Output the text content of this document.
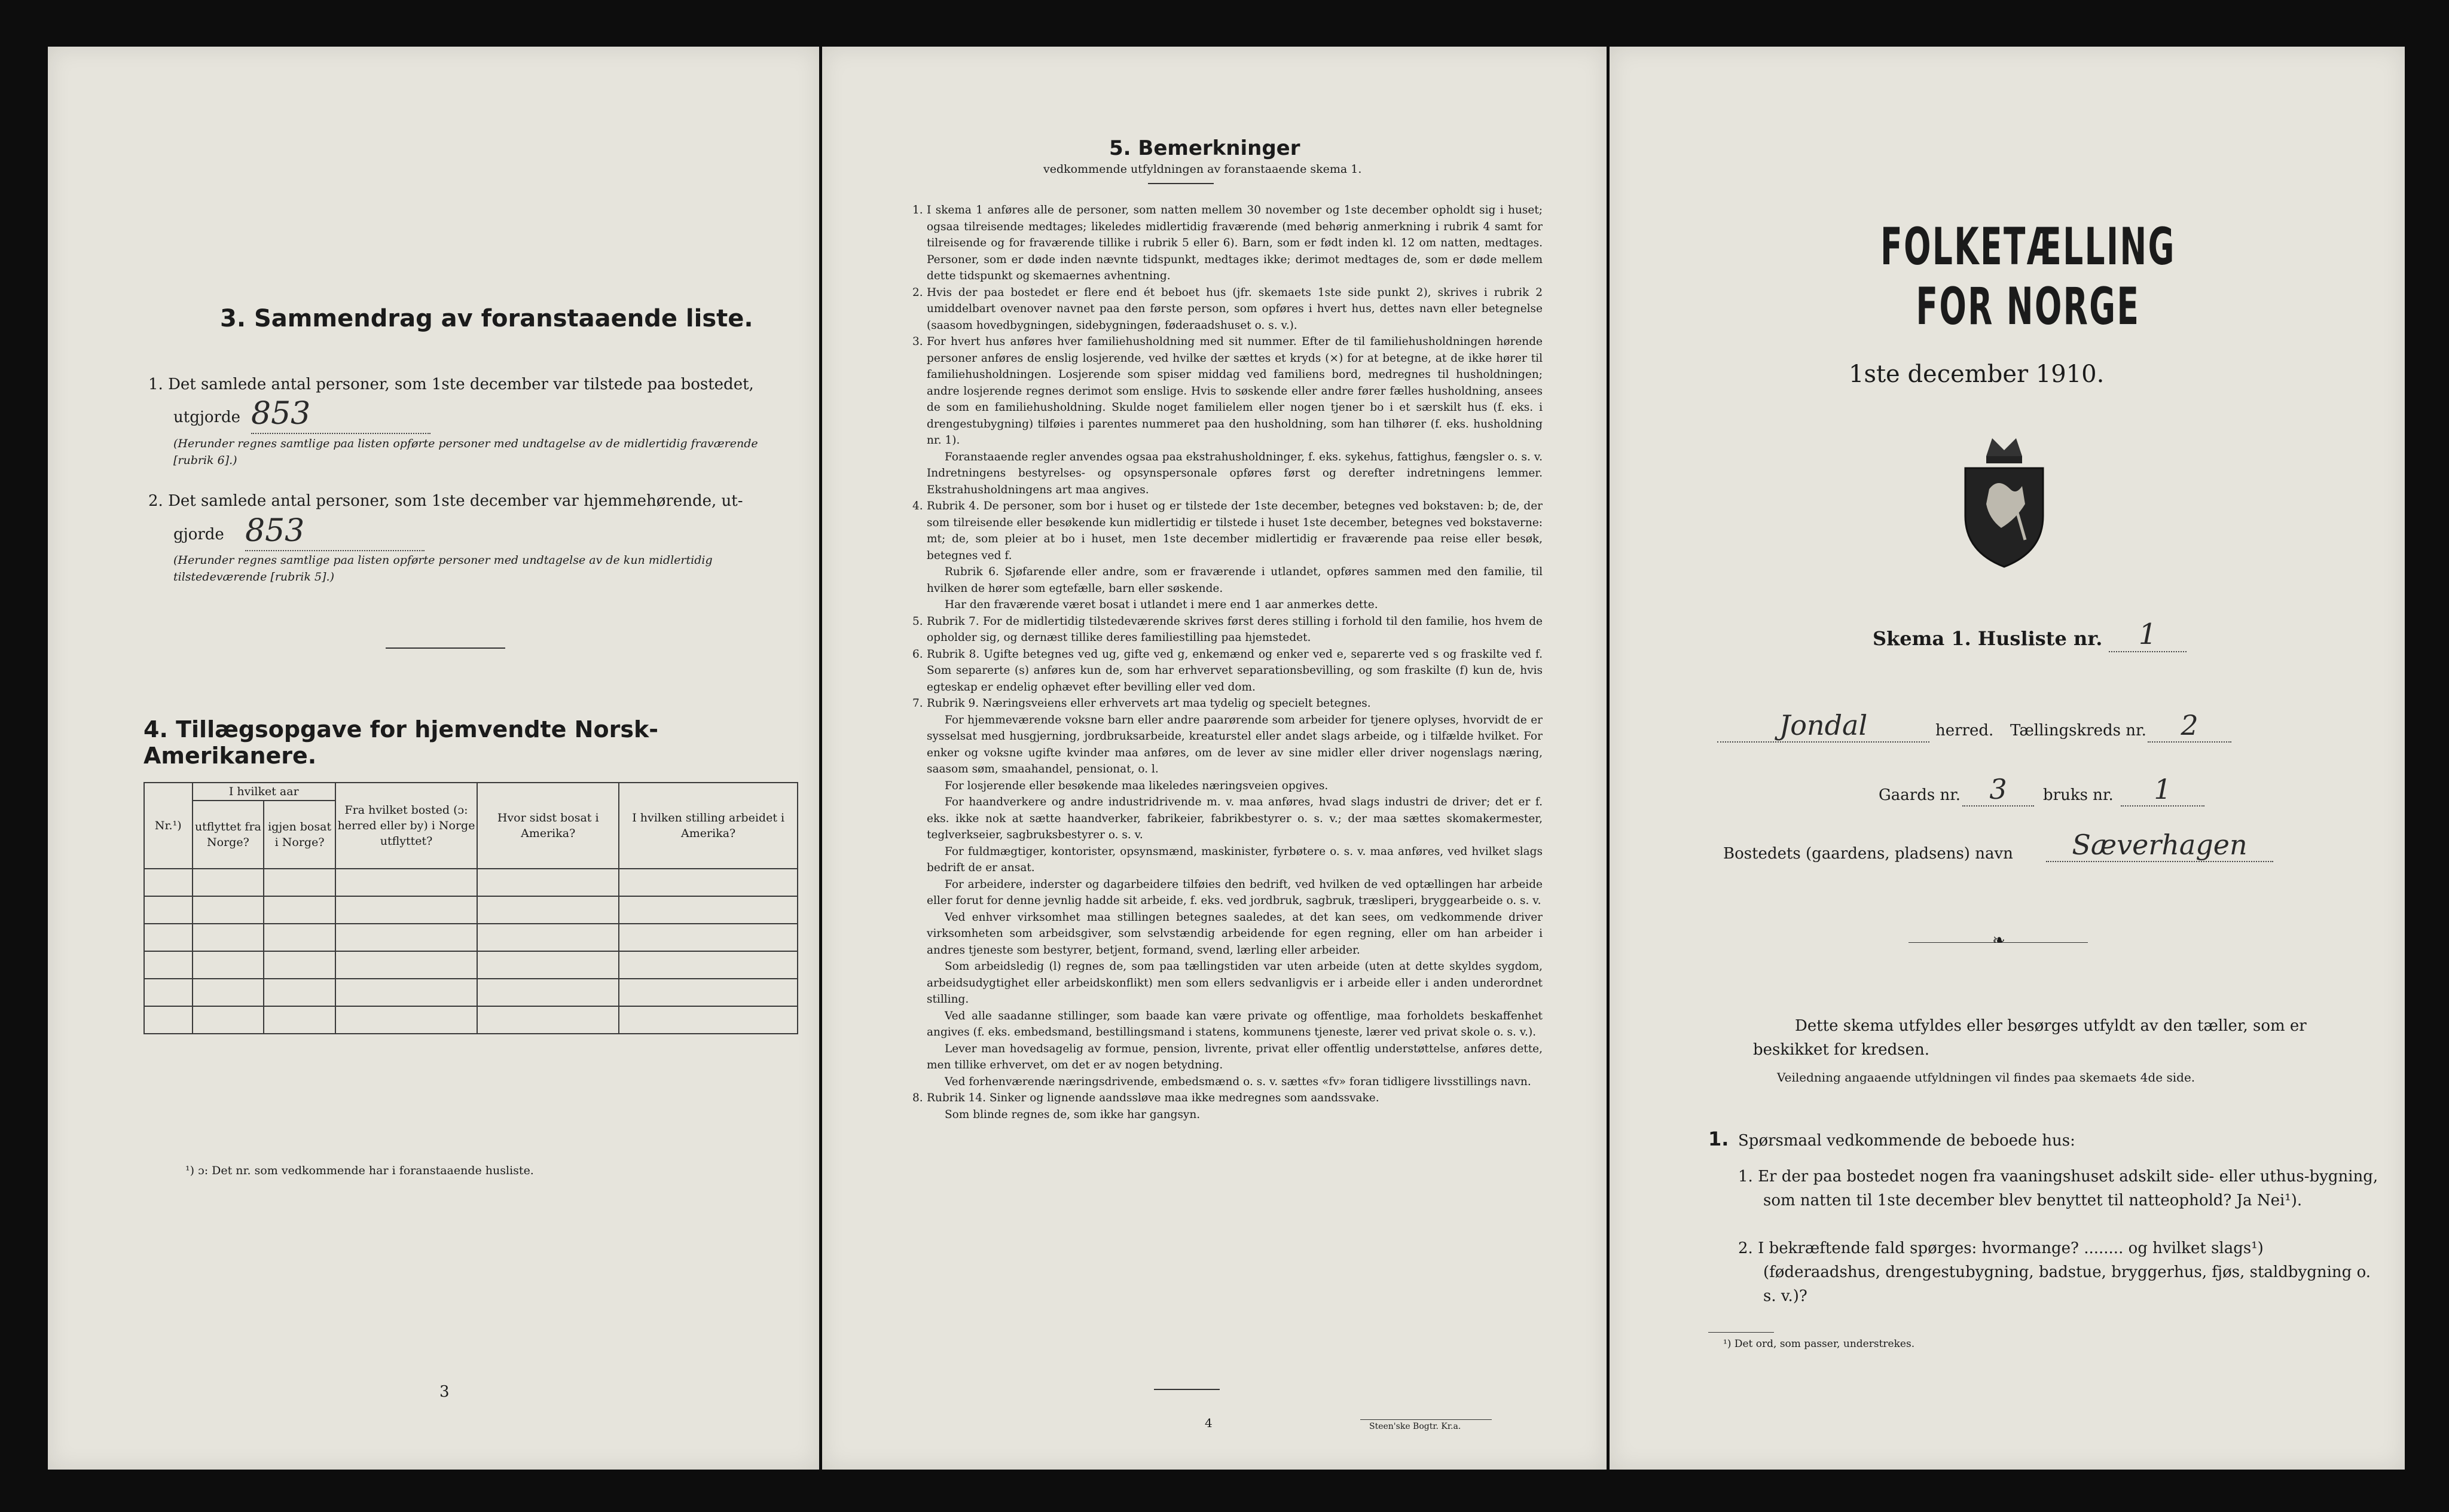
3. Sammendrag av foranstaaende liste.
1. Det samlede antal personer, som 1ste december var tilstede paa bostedet,
utgjorde 853
(Herunder regnes samtlige paa listen opførte personer med undtagelse av de midlertidig fraværende [rubrik 6].)
2. Det samlede antal personer, som 1ste december var hjemmehørende, ut-
gjorde 853
(Herunder regnes samtlige paa listen opførte personer med undtagelse av de kun midlertidig tilstedeværende [rubrik 5].)
4. Tillægsopgave for hjemvendte Norsk-Amerikanere.
Nr.¹)	I hvilket aar		Fra hvilket bosted (ɔ: herred eller by) i Norge utflyttet?	Hvor sidst bosat i Amerika?	I hvilken stilling arbeidet i Amerika?
	utflyttet fra Norge?	igjen bosat i Norge?			

¹) ɔ: Det nr. som vedkommende har i foranstaaende husliste.
3
5. Bemerkninger
vedkommende utfyldningen av foranstaaende skema 1.
1. I skema 1 anføres alle de personer, som natten mellem 30 november og 1ste december opholdt sig i huset; ogsaa tilreisende medtages; likeledes midlertidig fraværende (med behørig anmerkning i rubrik 4 samt for tilreisende og for fraværende tillike i rubrik 5 eller 6). Barn, som er født inden kl. 12 om natten, medtages. Personer, som er døde inden nævnte tidspunkt, medtages ikke; derimot medtages de, som er døde mellem dette tidspunkt og skemaernes avhentning.
2. Hvis der paa bostedet er flere end ét beboet hus (jfr. skemaets 1ste side punkt 2), skrives i rubrik 2 umiddelbart ovenover navnet paa den første person, som opføres i hvert hus, dettes navn eller betegnelse (saasom hovedbygningen, sidebygningen, føderaadshuset o. s. v.).
3. For hvert hus anføres hver familiehusholdning med sit nummer. Efter de til familiehusholdningen hørende personer anføres de enslig losjerende, ved hvilke der sættes et kryds (×) for at betegne, at de ikke hører til familiehusholdningen. Losjerende som spiser middag ved familiens bord, medregnes til husholdningen; andre losjerende regnes derimot som enslige. Hvis to søskende eller andre fører fælles husholdning, ansees de som en familiehusholdning. Skulde noget familielem eller nogen tjener bo i et særskilt hus (f. eks. i drengestubygning) tilføies i parentes nummeret paa den husholdning, som han tilhører (f. eks. husholdning nr. 1).
Foranstaaende regler anvendes ogsaa paa ekstrahusholdninger, f. eks. sykehus, fattighus, fængsler o. s. v. Indretningens bestyrelses- og opsynspersonale opføres først og derefter indretningens lemmer. Ekstrahusholdningens art maa angives.
4. Rubrik 4. De personer, som bor i huset og er tilstede der 1ste december, betegnes ved bokstaven: b; de, der som tilreisende eller besøkende kun midlertidig er tilstede i huset 1ste december, betegnes ved bokstaverne: mt; de, som pleier at bo i huset, men 1ste december midlertidig er fraværende paa reise eller besøk, betegnes ved f.
Rubrik 6. Sjøfarende eller andre, som er fraværende i utlandet, opføres sammen med den familie, til hvilken de hører som egtefælle, barn eller søskende.
Har den fraværende været bosat i utlandet i mere end 1 aar anmerkes dette.
5. Rubrik 7. For de midlertidig tilstedeværende skrives først deres stilling i forhold til den familie, hos hvem de opholder sig, og dernæst tillike deres familiestilling paa hjemstedet.
6. Rubrik 8. Ugifte betegnes ved ug, gifte ved g, enkemænd og enker ved e, separerte ved s og fraskilte ved f. Som separerte (s) anføres kun de, som har erhvervet separationsbevilling, og som fraskilte (f) kun de, hvis egteskap er endelig ophævet efter bevilling eller ved dom.
7. Rubrik 9. Næringsveiens eller erhvervets art maa tydelig og specielt betegnes.
For hjemmeværende voksne barn eller andre paarørende som arbeider for tjenere oplyses, hvorvidt de er sysselsat med husgjerning, jordbruksarbeide, kreaturstel eller andet slags arbeide, og i tilfælde hvilket. For enker og voksne ugifte kvinder maa anføres, om de lever av sine midler eller driver nogenslags næring, saasom søm, smaahandel, pensionat, o. l.
For losjerende eller besøkende maa likeledes næringsveien opgives.
For haandverkere og andre industridrivende m. v. maa anføres, hvad slags industri de driver; det er f. eks. ikke nok at sætte haandverker, fabrikeier, fabrikbestyrer o. s. v.; der maa sættes skomakermester, teglverkseier, sagbruksbestyrer o. s. v.
For fuldmægtiger, kontorister, opsynsmænd, maskinister, fyrbøtere o. s. v. maa anføres, ved hvilket slags bedrift de er ansat.
For arbeidere, inderster og dagarbeidere tilføies den bedrift, ved hvilken de ved optællingen har arbeide eller forut for denne jevnlig hadde sit arbeide, f. eks. ved jordbruk, sagbruk, træsliperi, bryggearbeide o. s. v.
Ved enhver virksomhet maa stillingen betegnes saaledes, at det kan sees, om vedkommende driver virksomheten som arbeidsgiver, som selvstændig arbeidende for egen regning, eller om han arbeider i andres tjeneste som bestyrer, betjent, formand, svend, lærling eller arbeider.
Som arbeidsledig (l) regnes de, som paa tællingstiden var uten arbeide (uten at dette skyldes sygdom, arbeidsudygtighet eller arbeidskonflikt) men som ellers sedvanligvis er i arbeide eller i anden underordnet stilling.
Ved alle saadanne stillinger, som baade kan være private og offentlige, maa forholdets beskaffenhet angives (f. eks. embedsmand, bestillingsmand i statens, kommunens tjeneste, lærer ved privat skole o. s. v.).
Lever man hovedsagelig av formue, pension, livrente, privat eller offentlig understøttelse, anføres dette, men tillike erhvervet, om det er av nogen betydning.
Ved forhenværende næringsdrivende, embedsmænd o. s. v. sættes «fv» foran tidligere livsstillings navn.
8. Rubrik 14. Sinker og lignende aandssløve maa ikke medregnes som aandssvake.
Som blinde regnes de, som ikke har gangsyn.
4	Steen'ske Bogtr. Kr.a.
FOLKETÆLLING FOR NORGE
1ste december 1910.
Skema 1. Husliste nr.	1
Jondal	herred. Tællingskreds nr.	2
Gaards nr.	3	bruks nr.	1
Bostedets (gaardens, pladsens) navn	Sæverhagen
❧
Dette skema utfyldes eller besørges utfyldt av den tæller, som er beskikket for kredsen.
Veiledning angaaende utfyldningen vil findes paa skemaets 4de side.
1. Spørsmaal vedkommende de beboede hus:
1. Er der paa bostedet nogen fra vaaningshuset adskilt side- eller uthus-bygning, som natten til 1ste december blev benyttet til natteophold? Ja Nei¹).
2. I bekræftende fald spørges: hvormange? ........ og hvilket slags¹) (føderaadshus, drengestubygning, badstue, bryggerhus, fjøs, staldbygning o. s. v.)?
¹) Det ord, som passer, understrekes.
